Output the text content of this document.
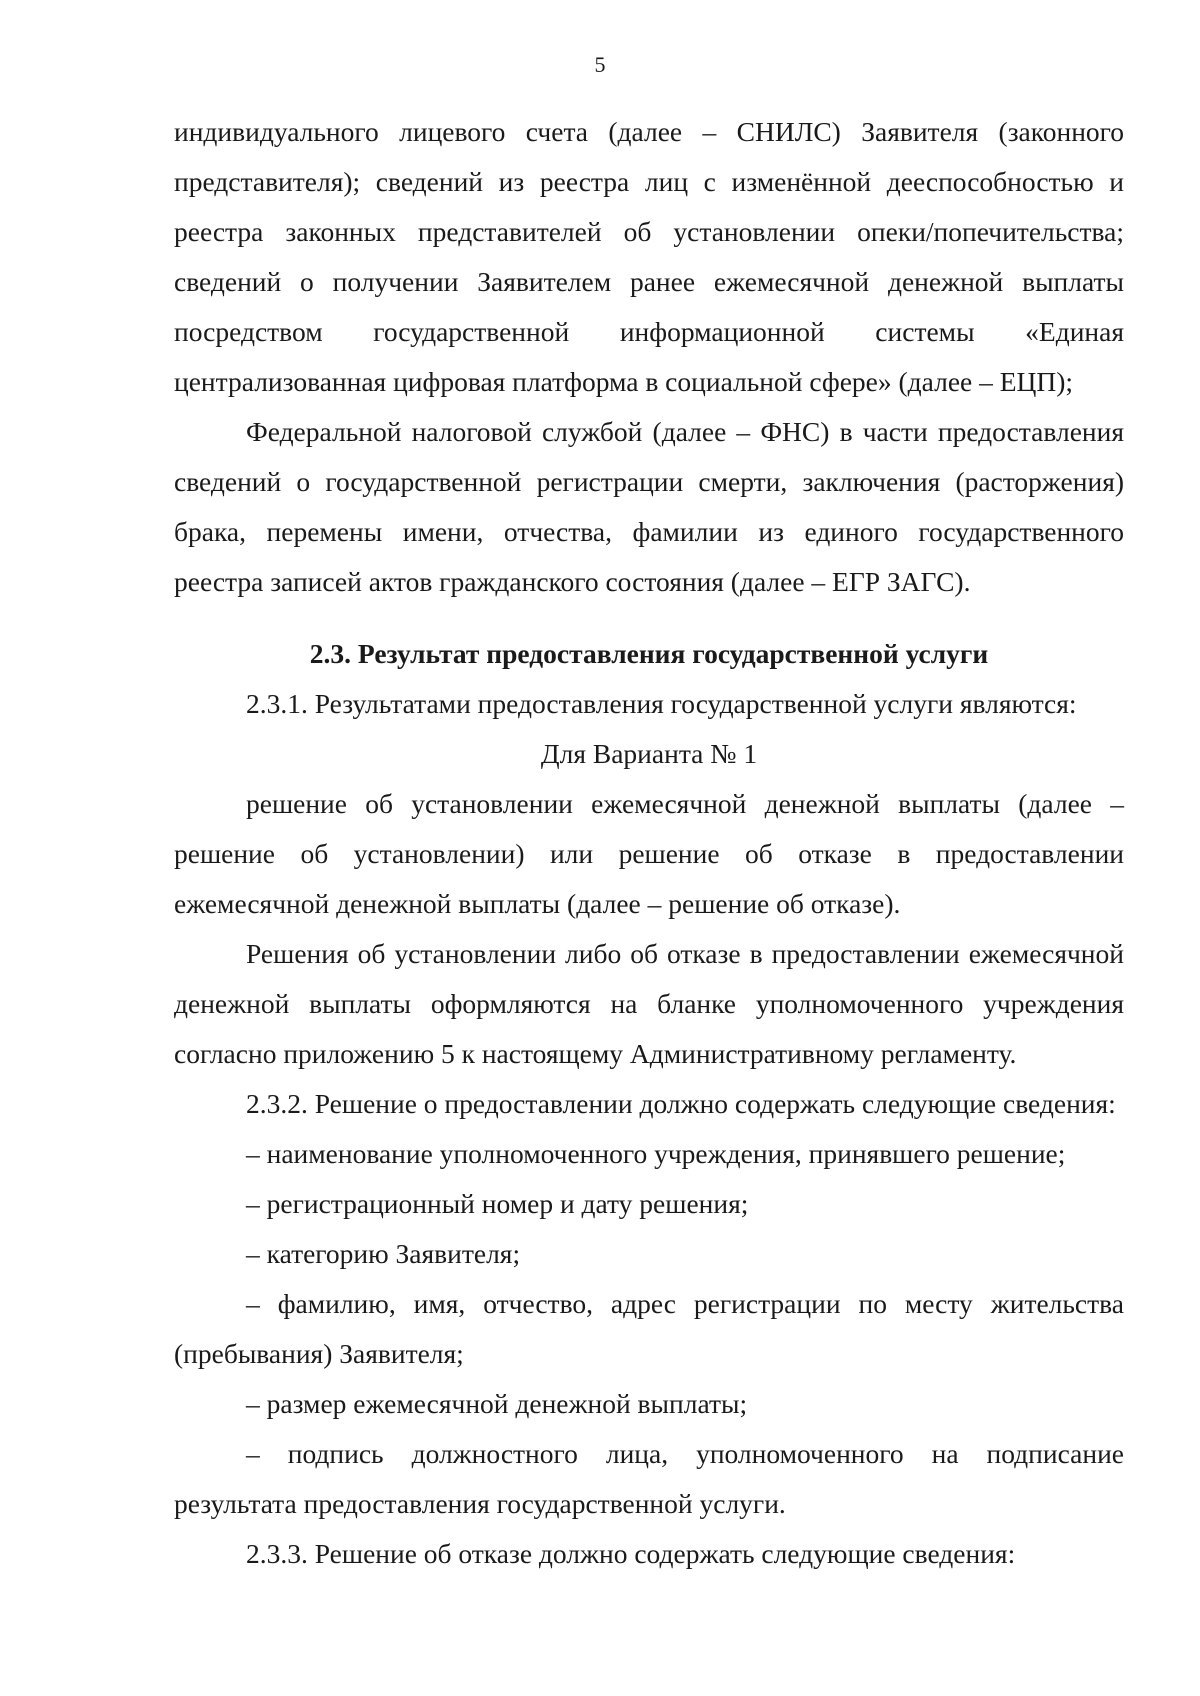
5

индивидуального лицевого счета (далее – СНИЛС) Заявителя (законного представителя); сведений из реестра лиц с изменённой дееспособностью и реестра законных представителей об установлении опеки/попечительства; сведений о получении Заявителем ранее ежемесячной денежной выплаты посредством государственной информационной системы «Единая централизованная цифровая платформа в социальной сфере» (далее – ЕЦП);

Федеральной налоговой службой (далее – ФНС) в части предоставления сведений о государственной регистрации смерти, заключения (расторжения) брака, перемены имени, отчества, фамилии из единого государственного реестра записей актов гражданского состояния (далее – ЕГР ЗАГС).

2.3. Результат предоставления государственной услуги

2.3.1. Результатами предоставления государственной услуги являются:

Для Варианта № 1

решение об установлении ежемесячной денежной выплаты (далее – решение об установлении) или решение об отказе в предоставлении ежемесячной денежной выплаты (далее – решение об отказе).

Решения об установлении либо об отказе в предоставлении ежемесячной денежной выплаты оформляются на бланке уполномоченного учреждения согласно приложению 5 к настоящему Административному регламенту.

2.3.2. Решение о предоставлении должно содержать следующие сведения:

– наименование уполномоченного учреждения, принявшего решение;

– регистрационный номер и дату решения;

– категорию Заявителя;

– фамилию, имя, отчество, адрес регистрации по месту жительства (пребывания) Заявителя;

– размер ежемесячной денежной выплаты;

– подпись должностного лица, уполномоченного на подписание результата предоставления государственной услуги.

2.3.3. Решение об отказе должно содержать следующие сведения:
